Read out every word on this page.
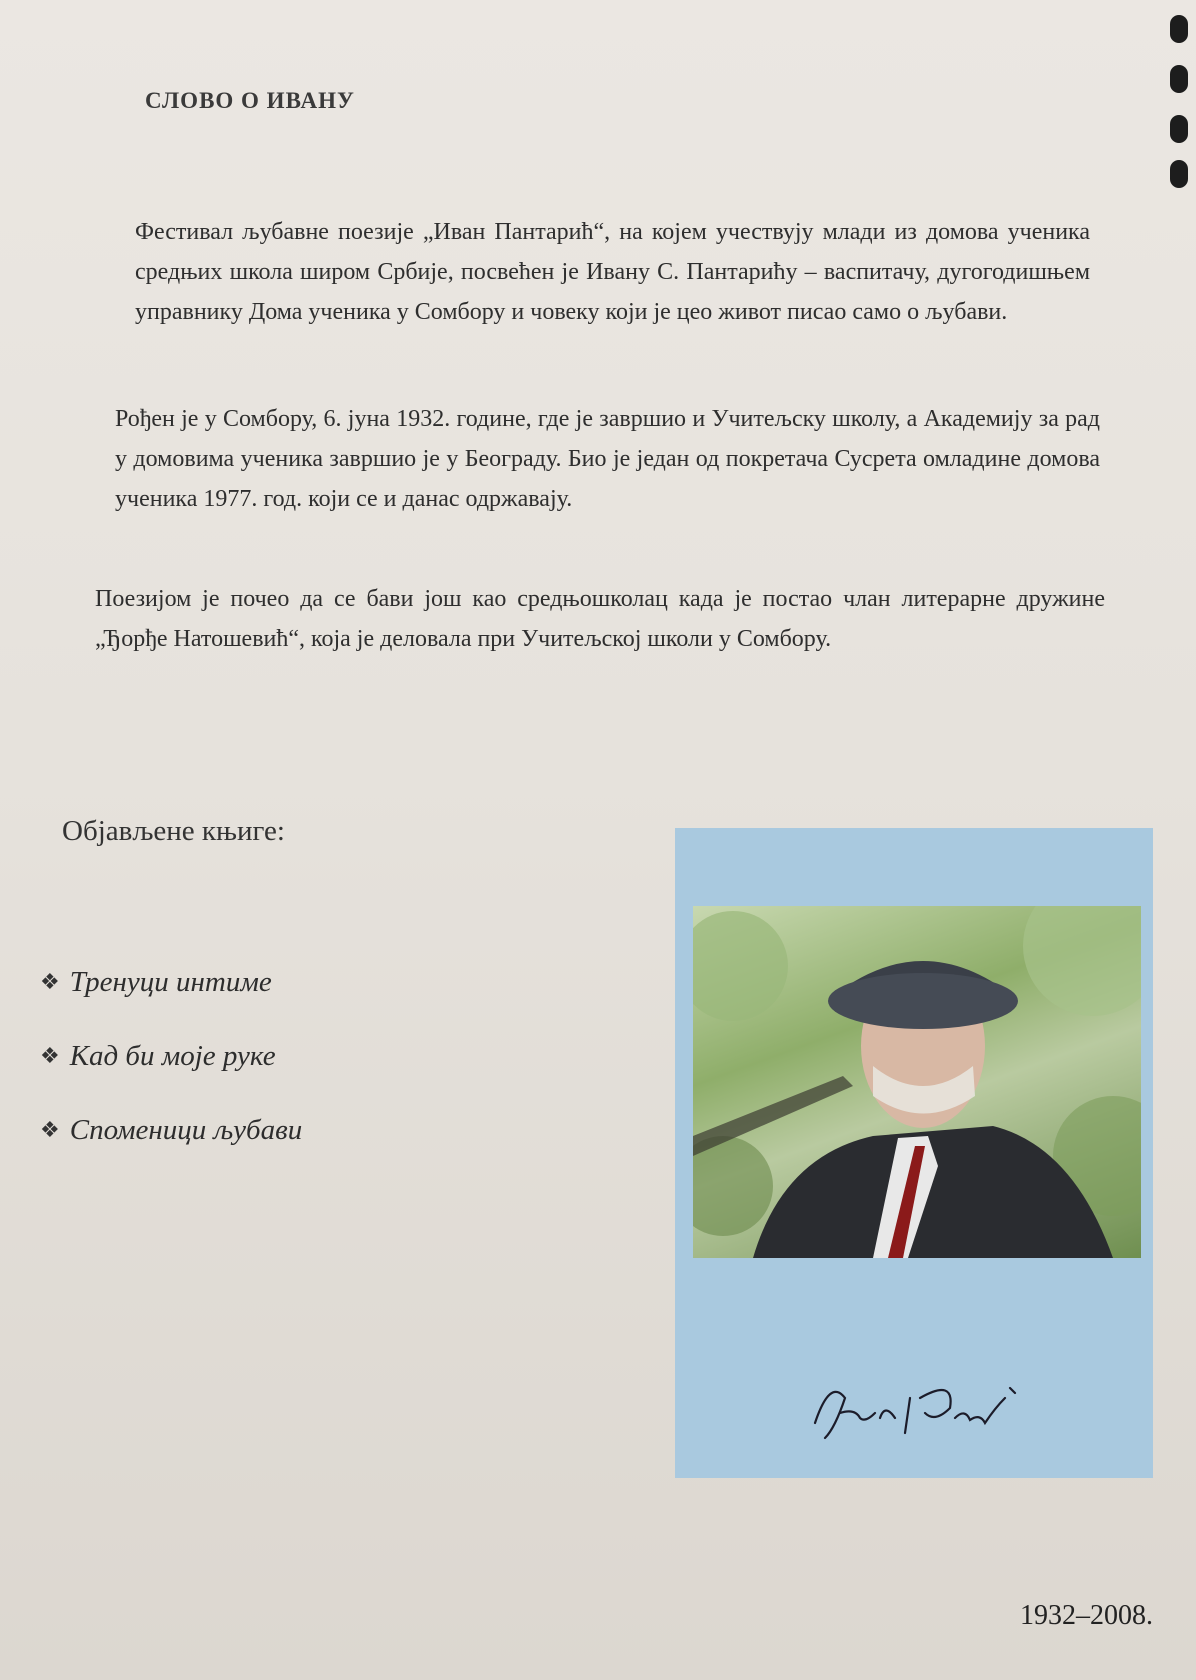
СЛОВО О ИВАНУ

Фестивал љубавне поезије „Иван Пантарић“, на којем учествују млади из домова ученика средњих школа широм Србије, посвећен је Ивану С. Пантарићу – васпитачу, дугогодишњем управнику Дома ученика у Сомбору и човеку који је цео живот писао само о љубави.

Рођен је у Сомбору, 6. јуна 1932. године, где је завршио и Учитељску школу, а Академију за рад у домовима ученика завршио је у Београду. Био је један од покретача Сусрета омладине домова ученика 1977. год. који се и данас одржавају.

Поезијом је почео да се бави још као средњошколац када је постао члан литерарне дружине „Ђорђе Натошевић“, која је деловала при Учитељској школи у Сомбору.

Објављене књиге:
❖ Тренуци интиме
❖ Кад би моје руке
❖ Споменици љубави
1932–2008.
